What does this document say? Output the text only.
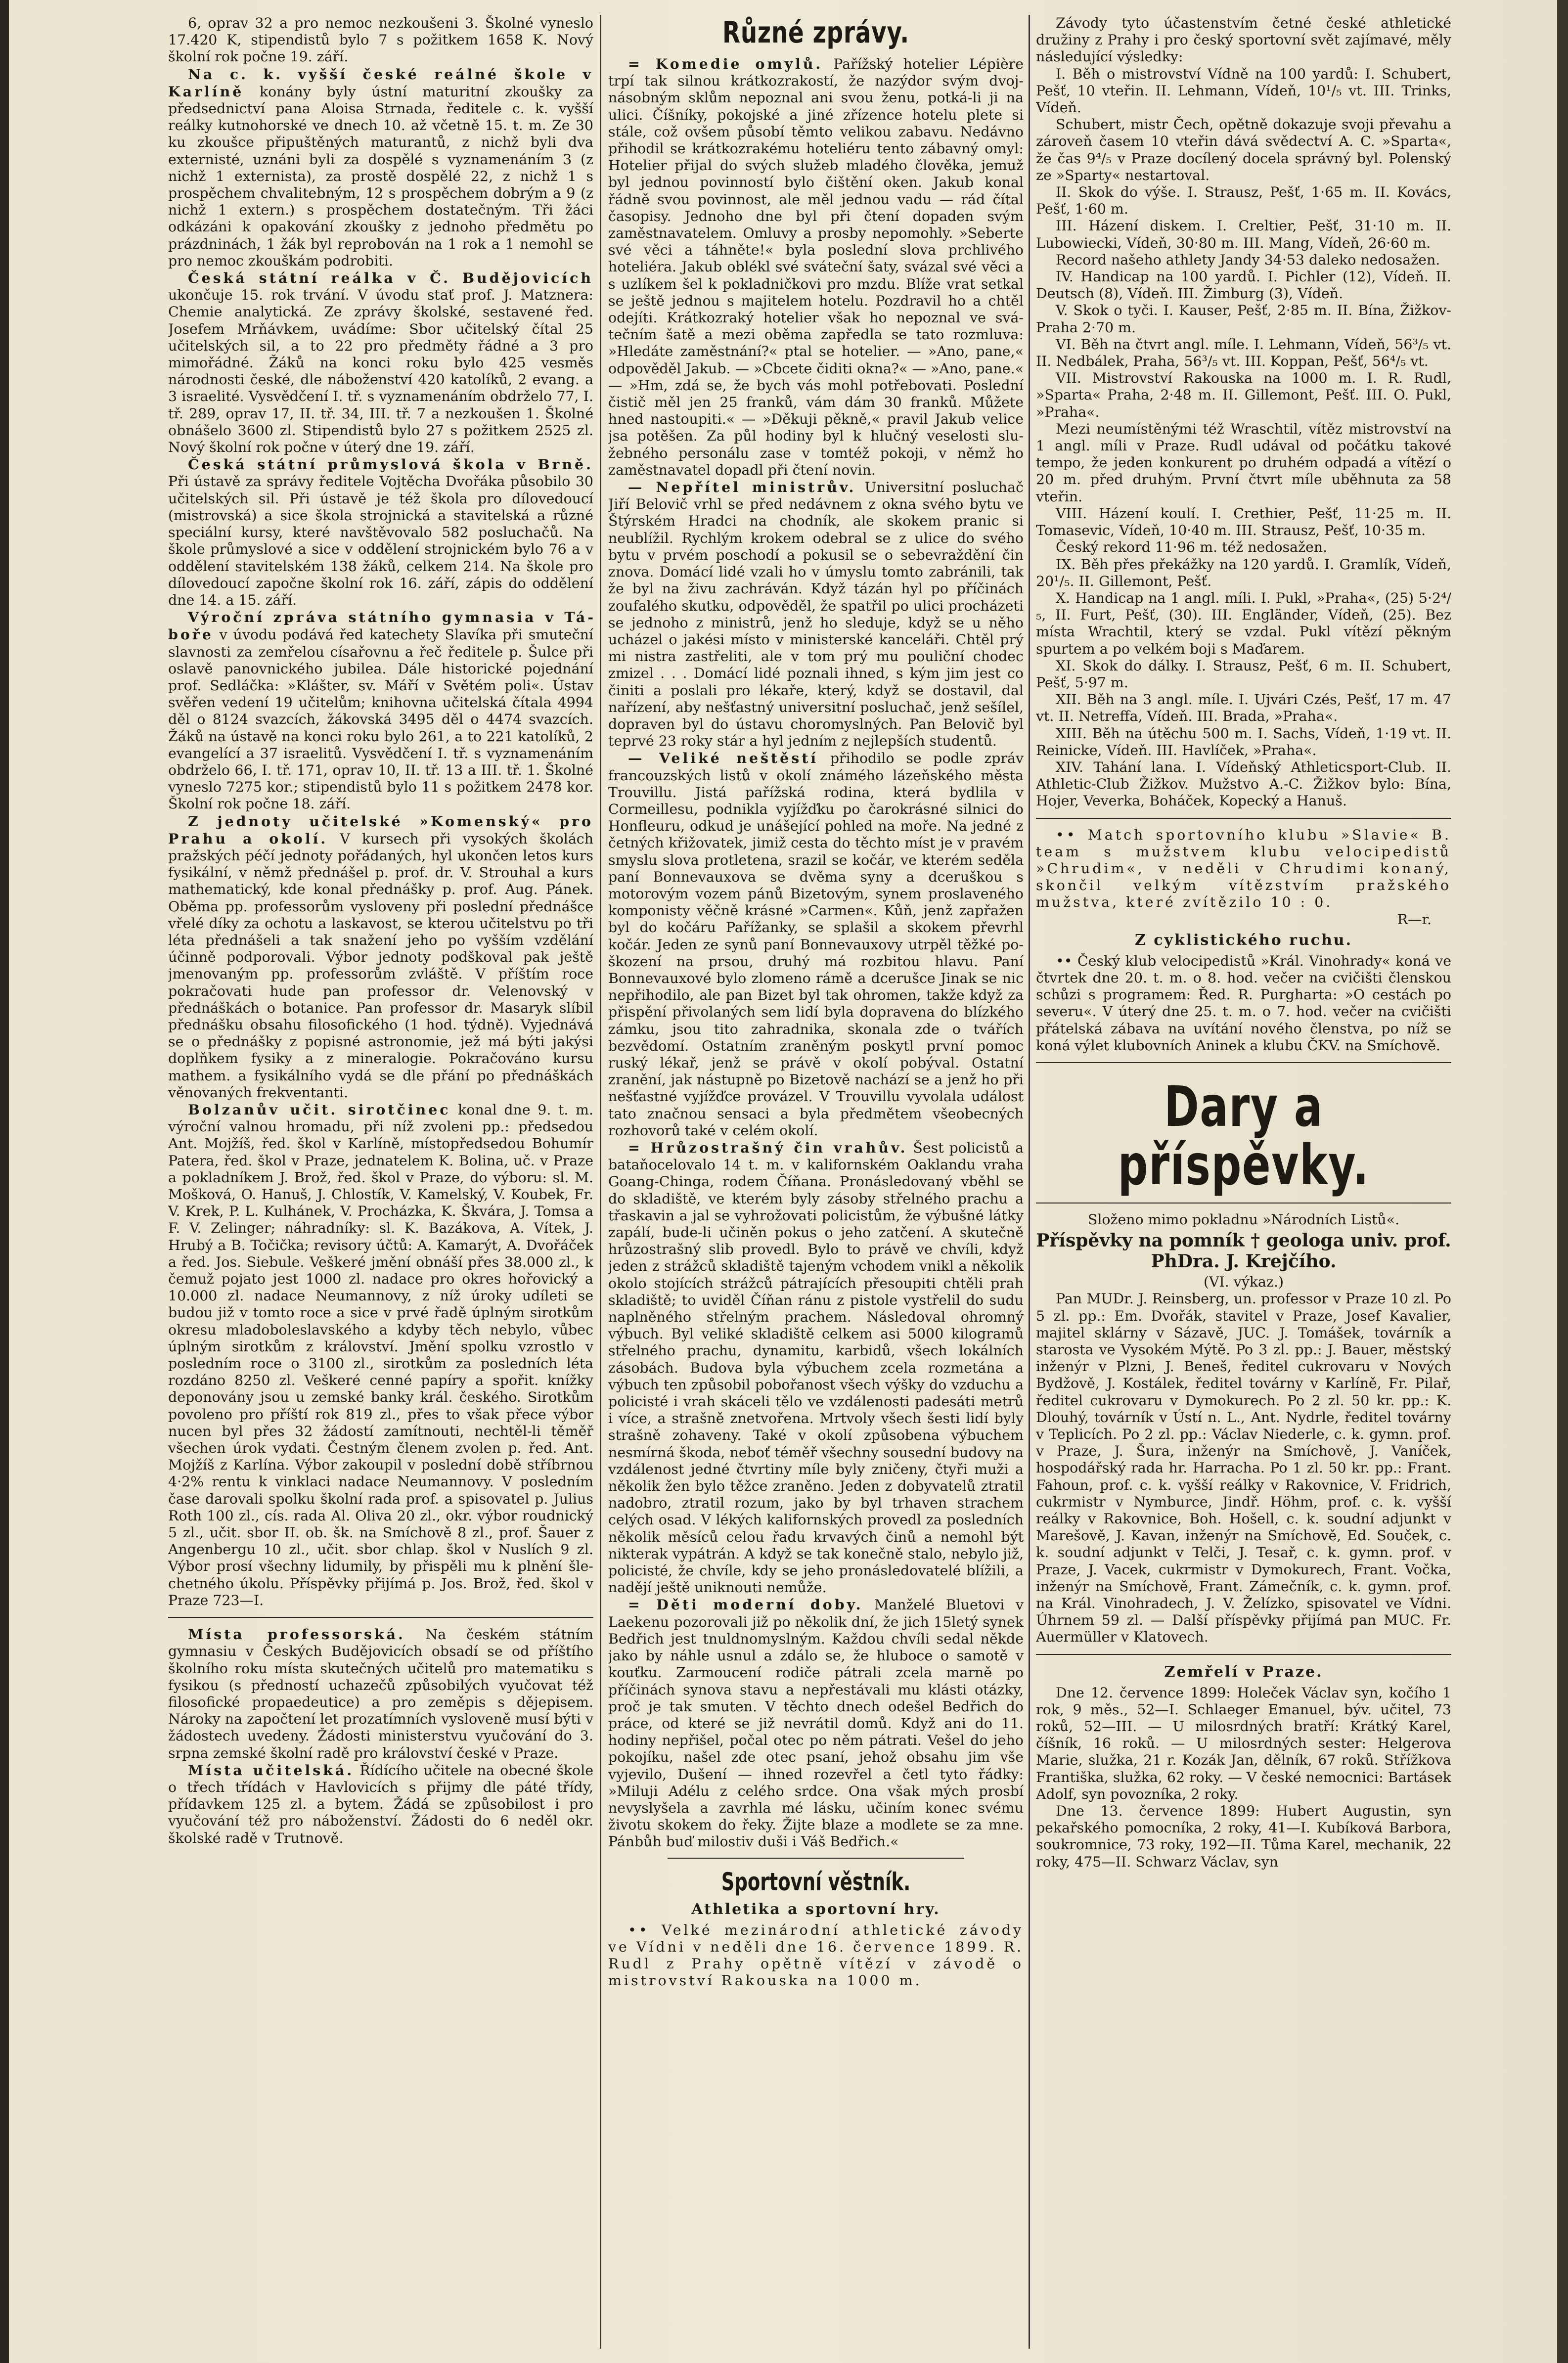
6, oprav 32 a pro nemoc nezkoušeni 3. Školné vyneslo 17.420 K, stipendistů bylo 7 s požitkem 1658 K. Nový školní rok počne 19. září.

Na c. k. vyšší české reálné škole v Karlíně konány byly ústní maturitní zkoušky za předsednictví pana Aloisa Strnada, ředitele c. k. vyšší reálky kutnohorské ve dnech 10. až včetně 15. t. m. Ze 30 ku zkoušce připuštěných maturantů, z nichž byli dva externisté, uznáni byli za dospělé s vyznamenáním 3 (z nichž 1 externista), za prostě dospělé 22, z nichž 1 s prospěchem chvalitebným, 12 s prospěchem dobrým a 9 (z nichž 1 extern.) s prospěchem dostatečným. Tři žáci odkázáni k opakování zkoušky z jednoho předmětu po prázdninách, 1 žák byl reprobován na 1 rok a 1 nemohl se pro nemoc zkouškám podrobiti.

Česká státní reálka v Č. Budějovicích ukončuje 15. rok trvání. V úvodu stať prof. J. Matznera: Chemie analytická. Ze zprávy školské, sestavené řed. Josefem Mrňávkem, uvádíme: Sbor učitelský čítal 25 učitelských sil, a to 22 pro předměty řádné a 3 pro mimořádné. Žáků na konci roku bylo 425 vesměs národnosti české, dle náboženství 420 katolíků, 2 evang. a 3 israelité. Vysvědčení I. tř. s vyznamenáním obdrželo 77, I. tř. 289, oprav 17, II. tř. 34, III. tř. 7 a nezkoušen 1. Školné obnášelo 3600 zl. Stipendistů bylo 27 s požitkem 2525 zl. Nový školní rok počne v úterý dne 19. září.

Česká státní průmyslová škola v Brně. Při ústavě za správy ředitele Vojtěcha Dvořáka působilo 30 učitelských sil. Při ústavě je též škola pro dílovedoucí (mistrovská) a sice škola strojnická a stavitelská a různé speciální kursy, které navštěvovalo 582 posluchačů. Na škole průmyslové a sice v oddělení strojnickém bylo 76 a v oddělení stavitelském 138 žáků, celkem 214. Na škole pro dílovedoucí započne školní rok 16. září, zápis do oddělení dne 14. a 15. září.

Výroční zpráva státního gymnasia v Táboře v úvodu podává řed katechety Slavíka při smuteční slavnosti za zemřelou císařovnu a řeč ředitele p. Šulce při oslavě panovnického jubilea. Dále historické pojednání prof. Sedláčka: »Klášter, sv. Máří v Světém poli«. Ústav svěřen vedení 19 učitelům; knihovna učitelská čítala 4994 děl o 8124 svazcích, žákovská 3495 děl o 4474 svazcích. Žáků na ústavě na konci roku bylo 261, a to 221 katolíků, 2 evangelící a 37 israelitů. Vysvědčení I. tř. s vyznamenáním obdrželo 66, I. tř. 171, oprav 10, II. tř. 13 a III. tř. 1. Školné vyneslo 7275 kor.; stipendistů bylo 11 s požitkem 2478 kor. Školní rok počne 18. září.

Z jednoty učitelské »Komenský« pro Prahu a okolí. V kursech při vysokých školách pražských péčí jednoty pořádaných, hyl ukončen letos kurs fysikální, v němž přednášel p. prof. dr. V. Strouhal a kurs mathematický, kde konal přednášky p. prof. Aug. Pánek. Oběma pp. professorům vysloveny při poslední přednášce vřelé díky za ochotu a laskavost, se kterou učitelstvu po tři léta přednášeli a tak snažení jeho po vyšším vzdělání účinně podporovali. Výbor jednoty podškoval pak ještě jmenovaným pp. professorům zvláště. V příštím roce pokračovati hude pan professor dr. Velenovský v přednáškách o botanice. Pan professor dr. Masaryk slíbil přednášku obsahu filosofického (1 hod. týdně). Vyjednává se o přednášky z popisné astronomie, jež má býti jakýsi doplňkem fysiky a z mineralogie. Pokračováno kursu mathem. a fysikálního vydá se dle přání po přednáškách věnovaných frekventanti.

Bolzanův učit. sirotčinec konal dne 9. t. m. výroční valnou hromadu, při níž zvoleni pp.: předsedou Ant. Mojžíš, řed. škol v Karlíně, místopředsedou Bohumír Patera, řed. škol v Praze, jednatelem K. Bolina, uč. v Praze a pokladníkem J. Brož, řed. škol v Praze, do výboru: sl. M. Mošková, O. Hanuš, J. Chlostík, V. Kamelský, V. Koubek, Fr. V. Krek, P. L. Kulhánek, V. Procházka, K. Škvára, J. Tomsa a F. V. Zelinger; náhradníky: sl. K. Bazákova, A. Vítek, J. Hrubý a B. Točička; revisory účtů: A. Kamarýt, A. Dvořáček a řed. Jos. Siebule. Veškeré jmění obnáší přes 38.000 zl., k čemuž pojato jest 1000 zl. nadace pro okres hořovický a 10.000 zl. nadace Neumannovy, z níž úroky udíleti se budou již v tomto roce a sice v prvé řadě úplným sirotkům okresu mladoboleslavského a kdyby těch nebylo, vůbec úplným sirotkům z království. Jmění spolku vzrostlo v posledním roce o 3100 zl., sirotkům za posledních léta rozdáno 8250 zl. Veškeré cenné papíry a spořit. knížky deponovány jsou u zemské banky král. českého. Sirotkům povoleno pro příští rok 819 zl., přes to však přece výbor nucen byl přes 32 žádostí zamítnouti, nechtěl-li těměř všechen úrok vydati. Čestným členem zvolen p. řed. Ant. Mojžíš z Karlína. Výbor zakoupil v poslední době stříbrnou 4·2% rentu k vinklaci nadace Neumannovy. V posledním čase darovali spolku školní rada prof. a spisovatel p. Julius Roth 100 zl., cís. rada Al. Oliva 20 zl., okr. výbor roudnický 5 zl., učit. sbor II. ob. šk. na Smíchově 8 zl., prof. Šauer z Angenbergu 10 zl., učit. sbor chlap. škol v Nuslích 9 zl. Výbor prosí všechny lidumily, by přispěli mu k plnění šlechetného úkolu. Příspěvky přijímá p. Jos. Brož, řed. škol v Praze 723—I.

Místa professorská. Na českém státním gymnasiu v Českých Budějovicích obsadí se od příštího školního roku místa skutečných učitelů pro matematiku s fysikou (s předností uchazečů způsobilých vyučovat též filosofické propaedeutice) a pro zeměpis s dějepisem. Nároky na započtení let prozatímních vysloveně musí býti v žádostech uvedeny. Žádosti ministerstvu vyučování do 3. srpna zemské školní radě pro království české v Praze.

Místa učitelská. Řídícího učitele na obecné škole o třech třídách v Havlovicích s přijmy dle páté třídy, přídavkem 125 zl. a bytem. Žádá se způsobilost i pro vyučování též pro náboženství. Žádosti do 6 neděl okr. školské radě v Trutnově.

Různé zprávy.

= Komedie omylů. Pařížský hotelier Lépière trpí tak silnou krátkozrakostí, že nazýdor svým dvojnásobným sklům nepoznal ani svou ženu, potká-li ji na ulici. Číšníky, pokojské a jiné zřízence hotelu plete si stále, což ovšem působí těmto velikou zabavu. Nedávno přihodil se krátkozrakému hoteliéru tento zábavný omyl: Hotelier přijal do svých služeb mladého člověka, jemuž byl jednou povinností bylo čištění oken. Jakub konal řádně svou povinnost, ale měl jednou vadu — rád čítal časopisy. Jednoho dne byl při čtení dopaden svým zaměstnavatelem. Omluvy a prosby nepomohly. »Seberte své věci a táhněte!« byla poslední slova prchlivého hoteliéra. Jakub oblékl své sváteční šaty, svázal své věci a s uzlíkem šel k pokladničkovi pro mzdu. Blíže vrat setkal se ještě jednou s majitelem hotelu. Pozdravil ho a chtěl odejíti. Krátkozraký hotelier však ho nepoznal ve svátečním šatě a mezi oběma zapředla se tato rozmluva: »Hledáte zaměstnání?« ptal se hotelier. — »Ano, pane,« odpověděl Jakub. — »Cbcete čiditi okna?« — »Ano, pane.« — »Hm, zdá se, že bych vás mohl potřebovati. Poslední čistič měl jen 25 franků, vám dám 30 franků. Můžete hned nastoupiti.« — »Děkuji pěkně,« pravil Jakub velice jsa potěšen. Za půl hodiny byl k hlučný veselosti služebného personálu zase v tomtéž pokoji, v němž ho zaměstnavatel dopadl při čtení novin.

— Nepřítel ministrův. Universitní posluchač Jiří Belovič vrhl se před nedávnem z okna svého bytu ve Štýrském Hradci na chodník, ale skokem pranic si neublížil. Rychlým krokem odebral se z ulice do svého bytu v prvém poschodí a pokusil se o sebevraždění čin znova. Domácí lidé vzali ho v úmyslu tomto zabránili, tak že byl na živu zachráván. Když tázán hyl po příčinách zoufalého skutku, odpověděl, že spatřil po ulici procházeti se jednoho z ministrů, jenž ho sleduje, když se u něho ucházel o jakési místo v ministerské kanceláři. Chtěl prý mi nistra zastřeliti, ale v tom prý mu pouliční chodec zmizel . . . Domácí lidé poznali ihned, s kým jim jest co činiti a poslali pro lékaře, který, když se dostavil, dal nařízení, aby nešťastný universitní posluchač, jenž sešílel, dopraven byl do ústavu choromyslných. Pan Belovič byl teprvé 23 roky stár a hyl jedním z nejlepších studentů.

— Veliké neštěstí přihodilo se podle zpráv francouzských listů v okolí známého lázeňského města Trouvillu. Jistá pařížská rodina, která bydlila v Cormeillesu, podnikla vyjížďku po čarokrásné silnici do Honfleuru, odkud je unášející pohled na moře. Na jedné z četných křižovatek, jimiž cesta do těchto míst je v pravém smyslu slova protletena, srazil se kočár, ve kterém seděla paní Bonnevauxova se dvěma syny a dceruškou s motorovým vozem pánů Bizetovým, synem proslaveného komponisty věčně krásné »Carmen«. Kůň, jenž zapřažen byl do kočáru Pařížanky, se splašil a skokem převrhl kočár. Jeden ze synů paní Bonnevauxovy utrpěl těžké poškození na prsou, druhý má rozbitou hlavu. Paní Bonnevauxové bylo zlomeno rámě a dcerušce Jinak se nic nepřihodilo, ale pan Bizet byl tak ohromen, takže když za přispění přivolaných sem lidí byla dopravena do blízkého zámku, jsou tito zahradnika, skonala zde o tvářích bezvědomí. Ostatním zraněným poskytl první pomoc ruský lékař, jenž se právě v okolí pobýval. Ostatní zranění, jak nástupně po Bizetově nachází se a jenž ho při nešťastné vyjížďce provázel. V Trouvillu vyvolala událost tato značnou sensaci a byla předmětem všeobecných rozhovorů také v celém okolí.

= Hrůzostrašný čin vrahův. Šest policistů a bataňocelovalo 14 t. m. v kalifornském Oaklandu vraha Goang-Chinga, rodem Číňana. Pronásledovaný vběhl se do skladiště, ve kterém byly zásoby střelného prachu a třaskavin a jal se vyhrožovati policistům, že výbušné látky zapálí, bude-li učiněn pokus o jeho zatčení. A skutečně hrůzostrašný slib provedl. Bylo to právě ve chvíli, když jeden z strážců skladiště tajeným vchodem vnikl a několik okolo stojících strážců pátrajících přesoupiti chtěli prah skladiště; to uviděl Číňan ránu z pistole vystřelil do sudu naplněného střelným prachem. Následoval ohromný výbuch. Byl veliké skladiště celkem asi 5000 kilogramů střelného prachu, dynamitu, karbidů, všech lokálních zásobách. Budova byla výbuchem zcela rozmetána a výbuch ten způsobil pobořanost všech výšky do vzduchu a policisté i vrah skáceli tělo ve vzdálenosti padesáti metrů i více, a strašně znetvořena. Mrtvoly všech šesti lidí byly strašně zohaveny. Také v okolí způsobena výbuchem nesmírná škoda, neboť téměř všechny sousední budovy na vzdálenost jedné čtvrtiny míle byly zničeny, čtyři muži a několik žen bylo těžce zraněno. Jeden z dobyvatelů ztratil nadobro, ztratil rozum, jako by byl trhaven strachem celých osad. V lékých kalifornských provedl za posledních několik měsíců celou řadu krvavých činů a nemohl být nikterak vypátrán. A když se tak konečně stalo, nebylo již, policisté, že chvíle, kdy se jeho pronásledovatelé blížili, a nadějí ještě uniknouti nemůže.

= Děti moderní doby. Manželé Bluetovi v Laekenu pozorovali již po několik dní, že jich 15letý synek Bedřich jest tnuldnomyslným. Každou chvíli sedal někde jako by náhle usnul a zdálo se, že hluboce o samotě v kouťku. Zarmoucení rodiče pátrali zcela marně po příčinách synova stavu a nepřestávali mu klásti otázky, proč je tak smuten. V těchto dnech odešel Bedřich do práce, od které se již nevrátil domů. Když ani do 11. hodiny nepřišel, počal otec po něm pátrati. Vešel do jeho pokojíku, našel zde otec psaní, jehož obsahu jim vše vyjevilo, Dušení — ihned rozevřel a četl tyto řádky: »Miluji Adélu z celého srdce. Ona však mých prosbí nevyslyšela a zavrhla mé lásku, učiním konec svému životu skokem do řeky. Žijte blaze a modlete se za mne. Pánbůh buď milostiv duši i Váš Bedřich.«

Sportovní věstník.
Athletika a sportovní hry.

•• Velké mezinárodní athletické závody ve Vídni v neděli dne 16. července 1899. R. Rudl z Prahy opětně vítězí v závodě o mistrovství Rakouska na 1000 m.

Závody tyto účastenstvím četné české athletické družiny z Prahy i pro český sportovní svět zajímavé, měly následující výsledky:

I. Běh o mistrovství Vídně na 100 yardů: I. Schubert, Pešť, 10 vteřin. II. Lehmann, Vídeň, 10¹/₅ vt. III. Trinks, Vídeň.

Schubert, mistr Čech, opětně dokazuje svoji převahu a zároveň časem 10 vteřin dává svědectví A. C. »Sparta«, že čas 9⁴/₅ v Praze docílený docela správný byl. Polenský ze »Sparty« nestartoval.

II. Skok do výše. I. Strausz, Pešť, 1·65 m. II. Kovács, Pešť, 1·60 m.

III. Házení diskem. I. Creltier, Pešť, 31·10 m. II. Lubowiecki, Vídeň, 30·80 m. III. Mang, Vídeň, 26·60 m.

Record našeho athlety Jandy 34·53 daleko nedosažen.

IV. Handicap na 100 yardů. I. Pichler (12), Vídeň. II. Deutsch (8), Vídeň. III. Žimburg (3), Vídeň.

V. Skok o tyči. I. Kauser, Pešť, 2·85 m. II. Bína, Žižkov-Praha 2·70 m.

VI. Běh na čtvrt angl. míle. I. Lehmann, Vídeň, 56³/₅ vt. II. Nedbálek, Praha, 56³/₅ vt. III. Koppan, Pešť, 56⁴/₅ vt.

VII. Mistrovství Rakouska na 1000 m. I. R. Rudl, »Sparta« Praha, 2·48 m. II. Gillemont, Pešť. III. O. Pukl, »Praha«.

Mezi neumístěnými též Wraschtil, vítěz mistrovství na 1 angl. míli v Praze. Rudl udával od počátku takové tempo, že jeden konkurent po druhém odpadá a vítězí o 20 m. před druhým. První čtvrt míle uběhnuta za 58 vteřin.

VIII. Házení koulí. I. Crethier, Pešť, 11·25 m. II. Tomasevic, Vídeň, 10·40 m. III. Strausz, Pešť, 10·35 m.

Český rekord 11·96 m. též nedosažen.

IX. Běh přes překážky na 120 yardů. I. Gramlík, Vídeň, 20¹/₅. II. Gillemont, Pešť.

X. Handicap na 1 angl. míli. I. Pukl, »Praha«, (25) 5·2⁴/₅, II. Furt, Pešť, (30). III. Engländer, Vídeň, (25). Bez místa Wrachtil, který se vzdal. Pukl vítězí pěkným spurtem a po velkém boji s Maďarem.

XI. Skok do dálky. I. Strausz, Pešť, 6 m. II. Schubert, Pešť, 5·97 m.

XII. Běh na 3 angl. míle. I. Ujvári Czés, Pešť, 17 m. 47 vt. II. Netreffa, Vídeň. III. Brada, »Praha«.

XIII. Běh na útěchu 500 m. I. Sachs, Vídeň, 1·19 vt. II. Reinicke, Vídeň. III. Havlíček, »Praha«.

XIV. Tahání lana. I. Vídeňský Athleticsport-Club. II. Athletic-Club Žižkov. Mužstvo A.-C. Žižkov bylo: Bína, Hojer, Veverka, Boháček, Kopecký a Hanuš.

•• Match sportovního klubu »Slavie« B. team s mužstvem klubu velocipedistů »Chrudim«, v neděli v Chrudimi konaný, skončil velkým vítězstvím pražského mužstva, které zvítězilo 10 : 0.

R—r.

Z cyklistického ruchu.

•• Český klub velocipedistů »Král. Vinohrady« koná ve čtvrtek dne 20. t. m. o 8. hod. večer na cvičišti členskou schůzi s programem: Řed. R. Purgharta: »O cestách po severu«. V úterý dne 25. t. m. o 7. hod. večer na cvičišti přátelská zábava na uvítání nového členstva, po níž se koná výlet klubovních Aninek a klubu ČKV. na Smíchově.

Dary a příspěvky.

Složeno mimo pokladnu »Národních Listů«.

Příspěvky na pomník † geologa univ. prof. PhDra. J. Krejčího.

(VI. výkaz.)

Pan MUDr. J. Reinsberg, un. professor v Praze 10 zl. Po 5 zl. pp.: Em. Dvořák, stavitel v Praze, Josef Kavalier, majitel sklárny v Sázavě, JUC. J. Tomášek, továrník a starosta ve Vysokém Mýtě. Po 3 zl. pp.: J. Bauer, městský inženýr v Plzni, J. Beneš, ředitel cukrovaru v Nových Bydžově, J. Kostálek, ředitel továrny v Karlíně, Fr. Pilař, ředitel cukrovaru v Dymokurech. Po 2 zl. 50 kr. pp.: K. Dlouhý, továrník v Ústí n. L., Ant. Nydrle, ředitel továrny v Teplicích. Po 2 zl. pp.: Václav Niederle, c. k. gymn. prof. v Praze, J. Šura, inženýr na Smíchově, J. Vaníček, hospodářský rada hr. Harracha. Po 1 zl. 50 kr. pp.: Frant. Fahoun, prof. c. k. vyšší reálky v Rakovnice, V. Fridrich, cukrmistr v Nymburce, Jindř. Höhm, prof. c. k. vyšší reálky v Rakovnice, Boh. Hošell, c. k. soudní adjunkt v Marešově, J. Kavan, inženýr na Smíchově, Ed. Souček, c. k. soudní adjunkt v Telči, J. Tesař, c. k. gymn. prof. v Praze, J. Vacek, cukrmistr v Dymokurech, Frant. Vočka, inženýr na Smíchově, Frant. Zámečník, c. k. gymn. prof. na Král. Vinohradech, J. V. Želízko, spisovatel ve Vídni. Úhrnem 59 zl. — Další příspěvky přijímá pan MUC. Fr. Auermüller v Klatovech.

Zemřelí v Praze.

Dne 12. července 1899: Holeček Václav syn, kočího 1 rok, 9 měs., 52—I. Schlaeger Emanuel, býv. učitel, 73 roků, 52—III. — U milosrdných bratří: Krátký Karel, číšník, 16 roků. — U milosrdných sester: Helgerova Marie, služka, 21 r. Kozák Jan, dělník, 67 roků. Střížkova Františka, služka, 62 roky. — V české nemocnici: Bartásek Adolf, syn povozníka, 2 roky.

Dne 13. července 1899: Hubert Augustin, syn pekařského pomocníka, 2 roky, 41—I. Kubíková Barbora, soukromnice, 73 roky, 192—II. Tůma Karel, mechanik, 22 roky, 475—II. Schwarz Václav, syn
